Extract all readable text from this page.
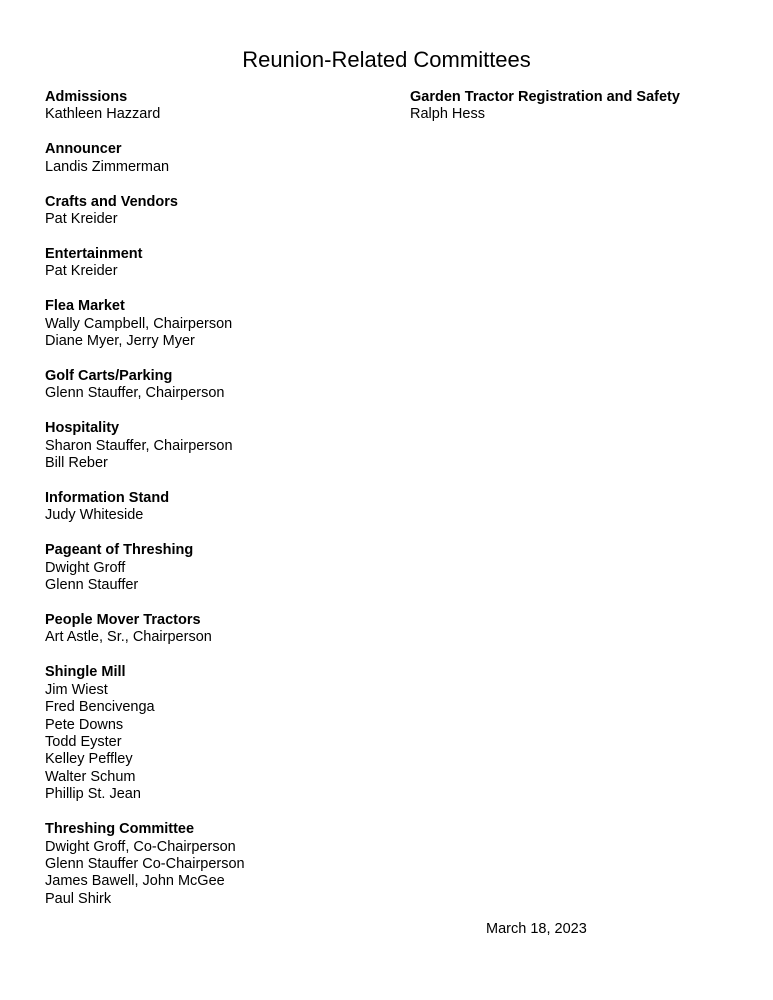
Reunion-Related Committees
Admissions
Kathleen Hazzard
Announcer
Landis Zimmerman
Crafts and Vendors
Pat Kreider
Entertainment
Pat Kreider
Flea Market
Wally Campbell, Chairperson
Diane Myer, Jerry Myer
Golf Carts/Parking
Glenn Stauffer, Chairperson
Hospitality
Sharon Stauffer, Chairperson
Bill Reber
Information Stand
Judy Whiteside
Pageant of Threshing
Dwight Groff
Glenn Stauffer
People Mover Tractors
Art Astle, Sr., Chairperson
Shingle Mill
Jim Wiest
Fred Bencivenga
Pete Downs
Todd Eyster
Kelley Peffley
Walter Schum
Phillip St. Jean
Threshing Committee
Dwight Groff, Co-Chairperson
Glenn Stauffer Co-Chairperson
James Bawell, John McGee
Paul Shirk
Garden Tractor Registration and Safety
Ralph Hess
March 18, 2023
